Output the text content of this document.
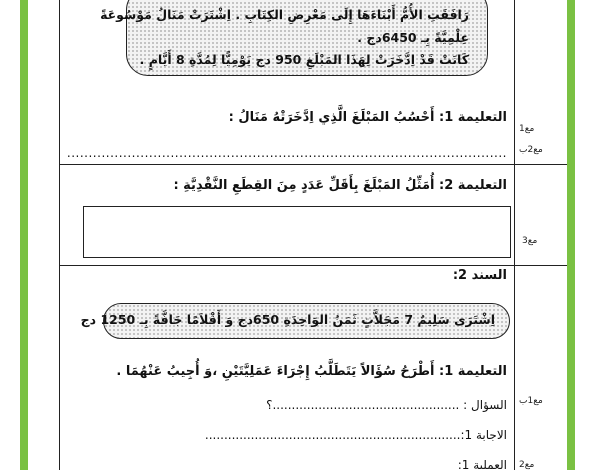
رَافَقَتِ الأُمُّ أَبْنَاءَهَا إِلَى مَعْرِضِ الكِتَابِ . اِشْتَرَتْ مَنَالُ مَوْسُوعَةً
عِلْمِيَّةً بِـ 6450دج .
كَانَتْ قَدْ اِدَّخَرَتْ لِهَذَا المَبْلَغِ 950 دج يَوْمِيًّا لِمُدَّةِ 8 أَيَّامٍ .
التعليمة 1: أَحْسُبُ المَبْلَغَ الَّذِي اِدَّخَرَتْهُ مَنَالُ :
مع1
...................................................................................................... مع2ب
التعليمة 2: أُمَثِّلُ المَبْلَغَ بِأَقَلِّ عَدَدٍ مِنَ القِطَعِ النَّقْدِيَّةِ :
مع3
السند 2:
اِشْتَرَى سَلِيمٌ 7 مَجَلاَّتٍ ثَمَنُ الوَاحِدَةِ 650دج وَ أَقْلاَمًا جَافَّةً بِـ 1250 دج
التعليمة 1: أَطْرَحُ سُؤَالاً يَتَطَلَّبُ إِجْرَاءَ عَمَلِيَّتَيْنِ ،وَ أُجِيبُ عَنْهُمَا .
مع1ب
السؤال : .................................................؟
الاجابة 1:...................................................................
العملية 1: مع2
